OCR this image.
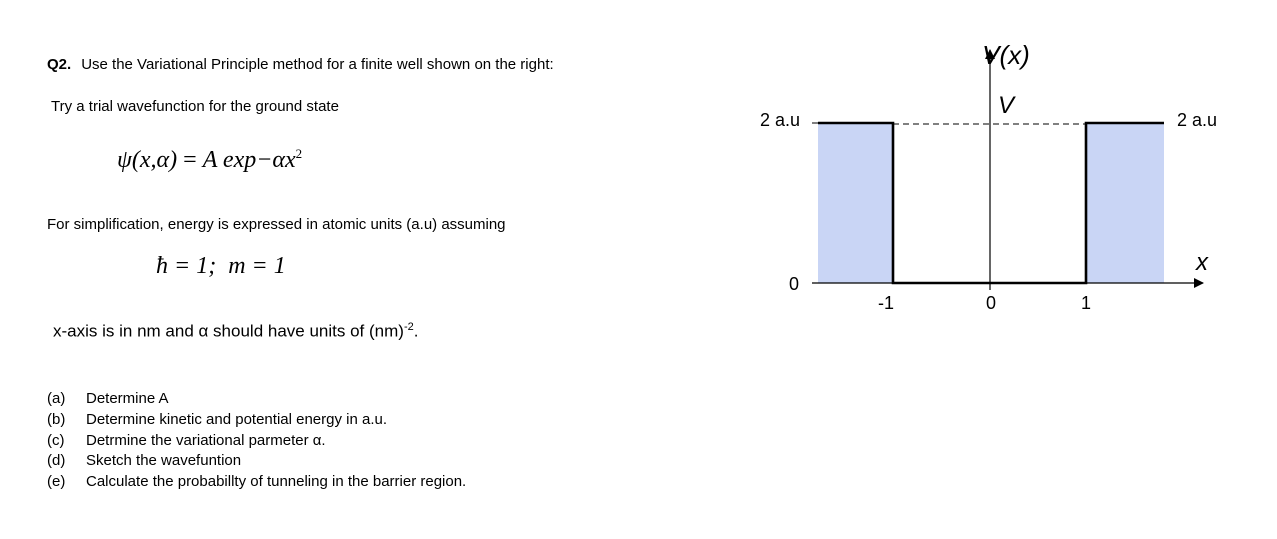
Q2. Use the Variational Principle method for a finite well shown on the right:
Try a trial wavefunction for the ground state
ψ(x,α) = A $\exp-\alpha x^2$
For simplification, energy is expressed in atomic units (a.u) assuming
ħ = 1; m = 1
x-axis is in nm and α should have units of (nm)$^{-2}$.
(a)	Determine A
(b)	Determine kinetic and potential energy in a.u.
(c)	Detrmine the variational parmeter α.
(d)	Sketch the wavefuntion
(e)	Calculate the probabillty of tunneling in the barrier region.
V(x)
V
2 a.u	2 a.u
0
x
-1	0	1
